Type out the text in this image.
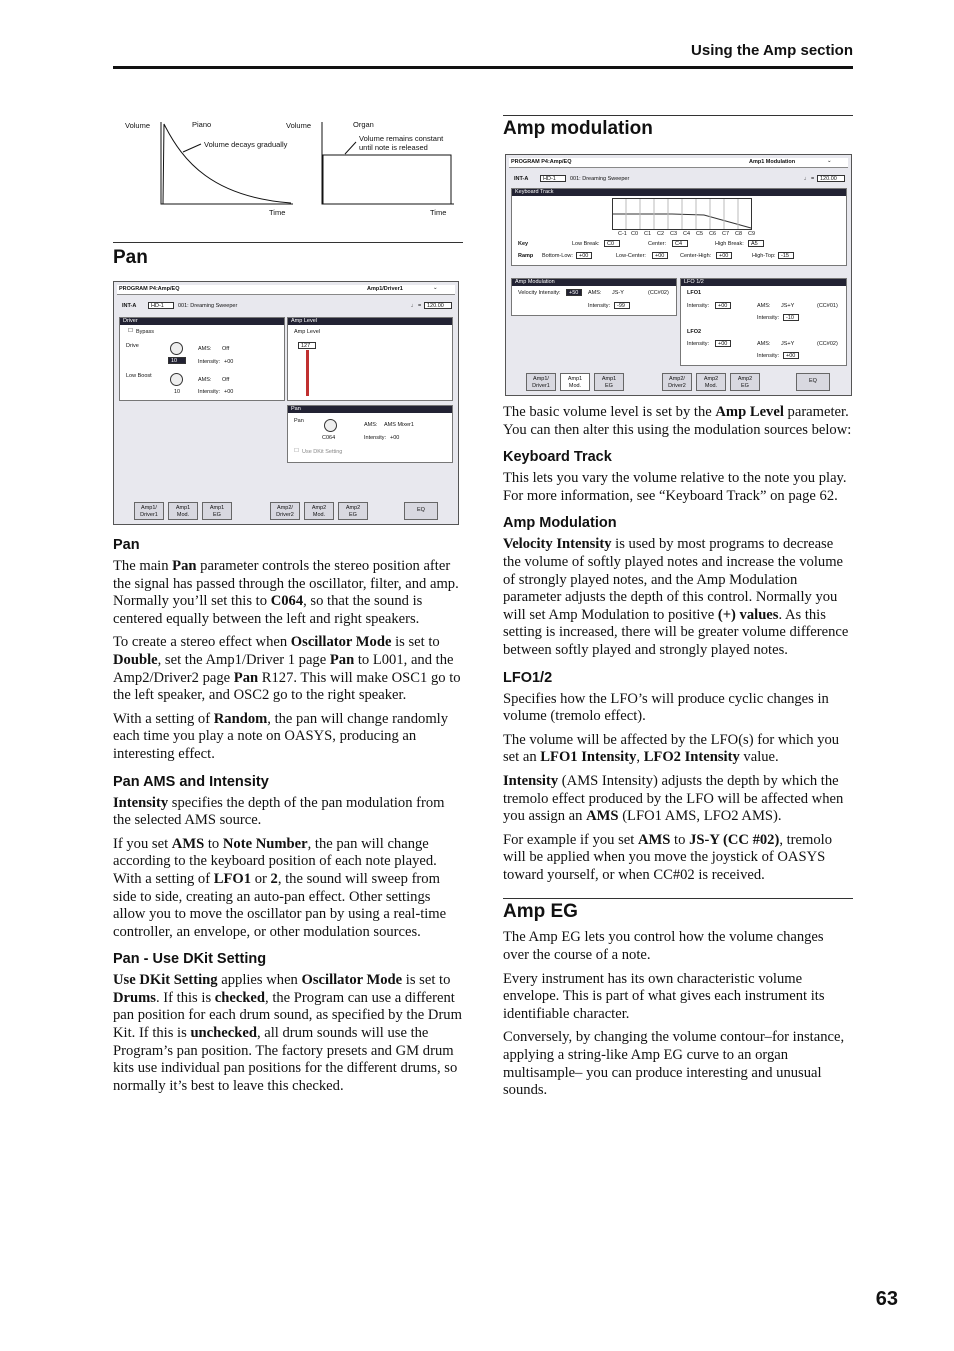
Using the Amp section
Volume	Piano
Volume decays gradually
Time
Volume	Organ
Volume remains constant
until note is released
Time
Pan
PROGRAM P4:Amp/EQ	Amp1/Driver1	⌄
INT-A	HD-1	001: Dreaming Sweeper	120.00
♩ =
Driver
☐ Bypass
Drive
10
AMS: Off
Intensity: +00
Low Boost
10
AMS: Off
Intensity: +00
Amp Level
Amp Level
127
Pan
Pan
C064
AMS: AMS Mixer1
Intensity: +00
☐ Use DKit Setting
Amp1/
Driver1
Amp1
Mod.
Amp1
EG
Amp2/
Driver2
Amp2
Mod.
Amp2
EG
EQ
Pan

The main Pan parameter controls the stereo position after the signal has passed through the oscillator, filter, and amp. Normally you’ll set this to C064, so that the sound is centered equally between the left and right speakers.

To create a stereo effect when Oscillator Mode is set to Double, set the Amp1/Driver 1 page Pan to L001, and the Amp2/Driver2 page Pan R127. This will make OSC1 go to the left speaker, and OSC2 go to the right speaker.

With a setting of Random, the pan will change randomly each time you play a note on OASYS, producing an interesting effect.

Pan AMS and Intensity

Intensity specifies the depth of the pan modulation from the selected AMS source.

If you set AMS to Note Number, the pan will change according to the keyboard position of each note played. With a setting of LFO1 or 2, the sound will sweep from side to side, creating an auto-pan effect. Other settings allow you to move the oscillator pan by using a real-time controller, an envelope, or other modulation sources.

Pan - Use DKit Setting

Use DKit Setting applies when Oscillator Mode is set to Drums. If this is checked, the Program can use a different pan position for each drum sound, as specified by the Drum Kit. If this is unchecked, all drum sounds will use the Program’s pan position. The factory presets and GM drum kits use individual pan positions for the different drums, so normally it’s best to leave this checked.

Amp modulation
PROGRAM P4:Amp/EQ	Amp1 Modulation	⌄
INT-A	HD-1	001: Dreaming Sweeper	♩ =	120.00
Keyboard Track
C-1 C0 C1 C2 C3 C4 C5 C6 C7 C8 C9
Key	Low Break:	C0	Center:	C4	High Break:	A5
Ramp Bottom-Low:	+00	Low-Center:	+00	Center-High:	+00	High-Top: -15
Amp Modulation
Velocity Intensity:	+50	AMS: JS-Y	(CC#02)
Intensity:	-99
LFO 1/2
LFO1
Intensity:	+00	AMS: JS+Y	(CC#01)
Intensity:	-10
LFO2
Intensity:	+00	AMS: JS+Y	(CC#02)
Intensity:	+00
Amp1/
Driver1
Amp1
Mod.
Amp1
EG
Amp2/
Driver2
Amp2
Mod.
Amp2
EG
EQ

The basic volume level is set by the Amp Level parameter. You can then alter this using the modulation sources below:

Keyboard Track

This lets you vary the volume relative to the note you play. For more information, see “Keyboard Track” on page 62.

Amp Modulation

Velocity Intensity is used by most programs to decrease the volume of softly played notes and increase the volume of strongly played notes, and the Amp Modulation parameter adjusts the depth of this control. Normally you will set Amp Modulation to positive (+) values. As this setting is increased, there will be greater volume difference between softly played and strongly played notes.

LFO1/2

Specifies how the LFO’s will produce cyclic changes in volume (tremolo effect).

The volume will be affected by the LFO(s) for which you set an LFO1 Intensity, LFO2 Intensity value.

Intensity (AMS Intensity) adjusts the depth by which the tremolo effect produced by the LFO will be affected when you assign an AMS (LFO1 AMS, LFO2 AMS).

For example if you set AMS to JS-Y (CC #02), tremolo will be applied when you move the joystick of OASYS toward yourself, or when CC#02 is received.

Amp EG

The Amp EG lets you control how the volume changes over the course of a note.

Every instrument has its own characteristic volume envelope. This is part of what gives each instrument its identifiable character.

Conversely, by changing the volume contour–for instance, applying a string-like Amp EG curve to an organ multisample– you can produce interesting and unusual sounds.

63
